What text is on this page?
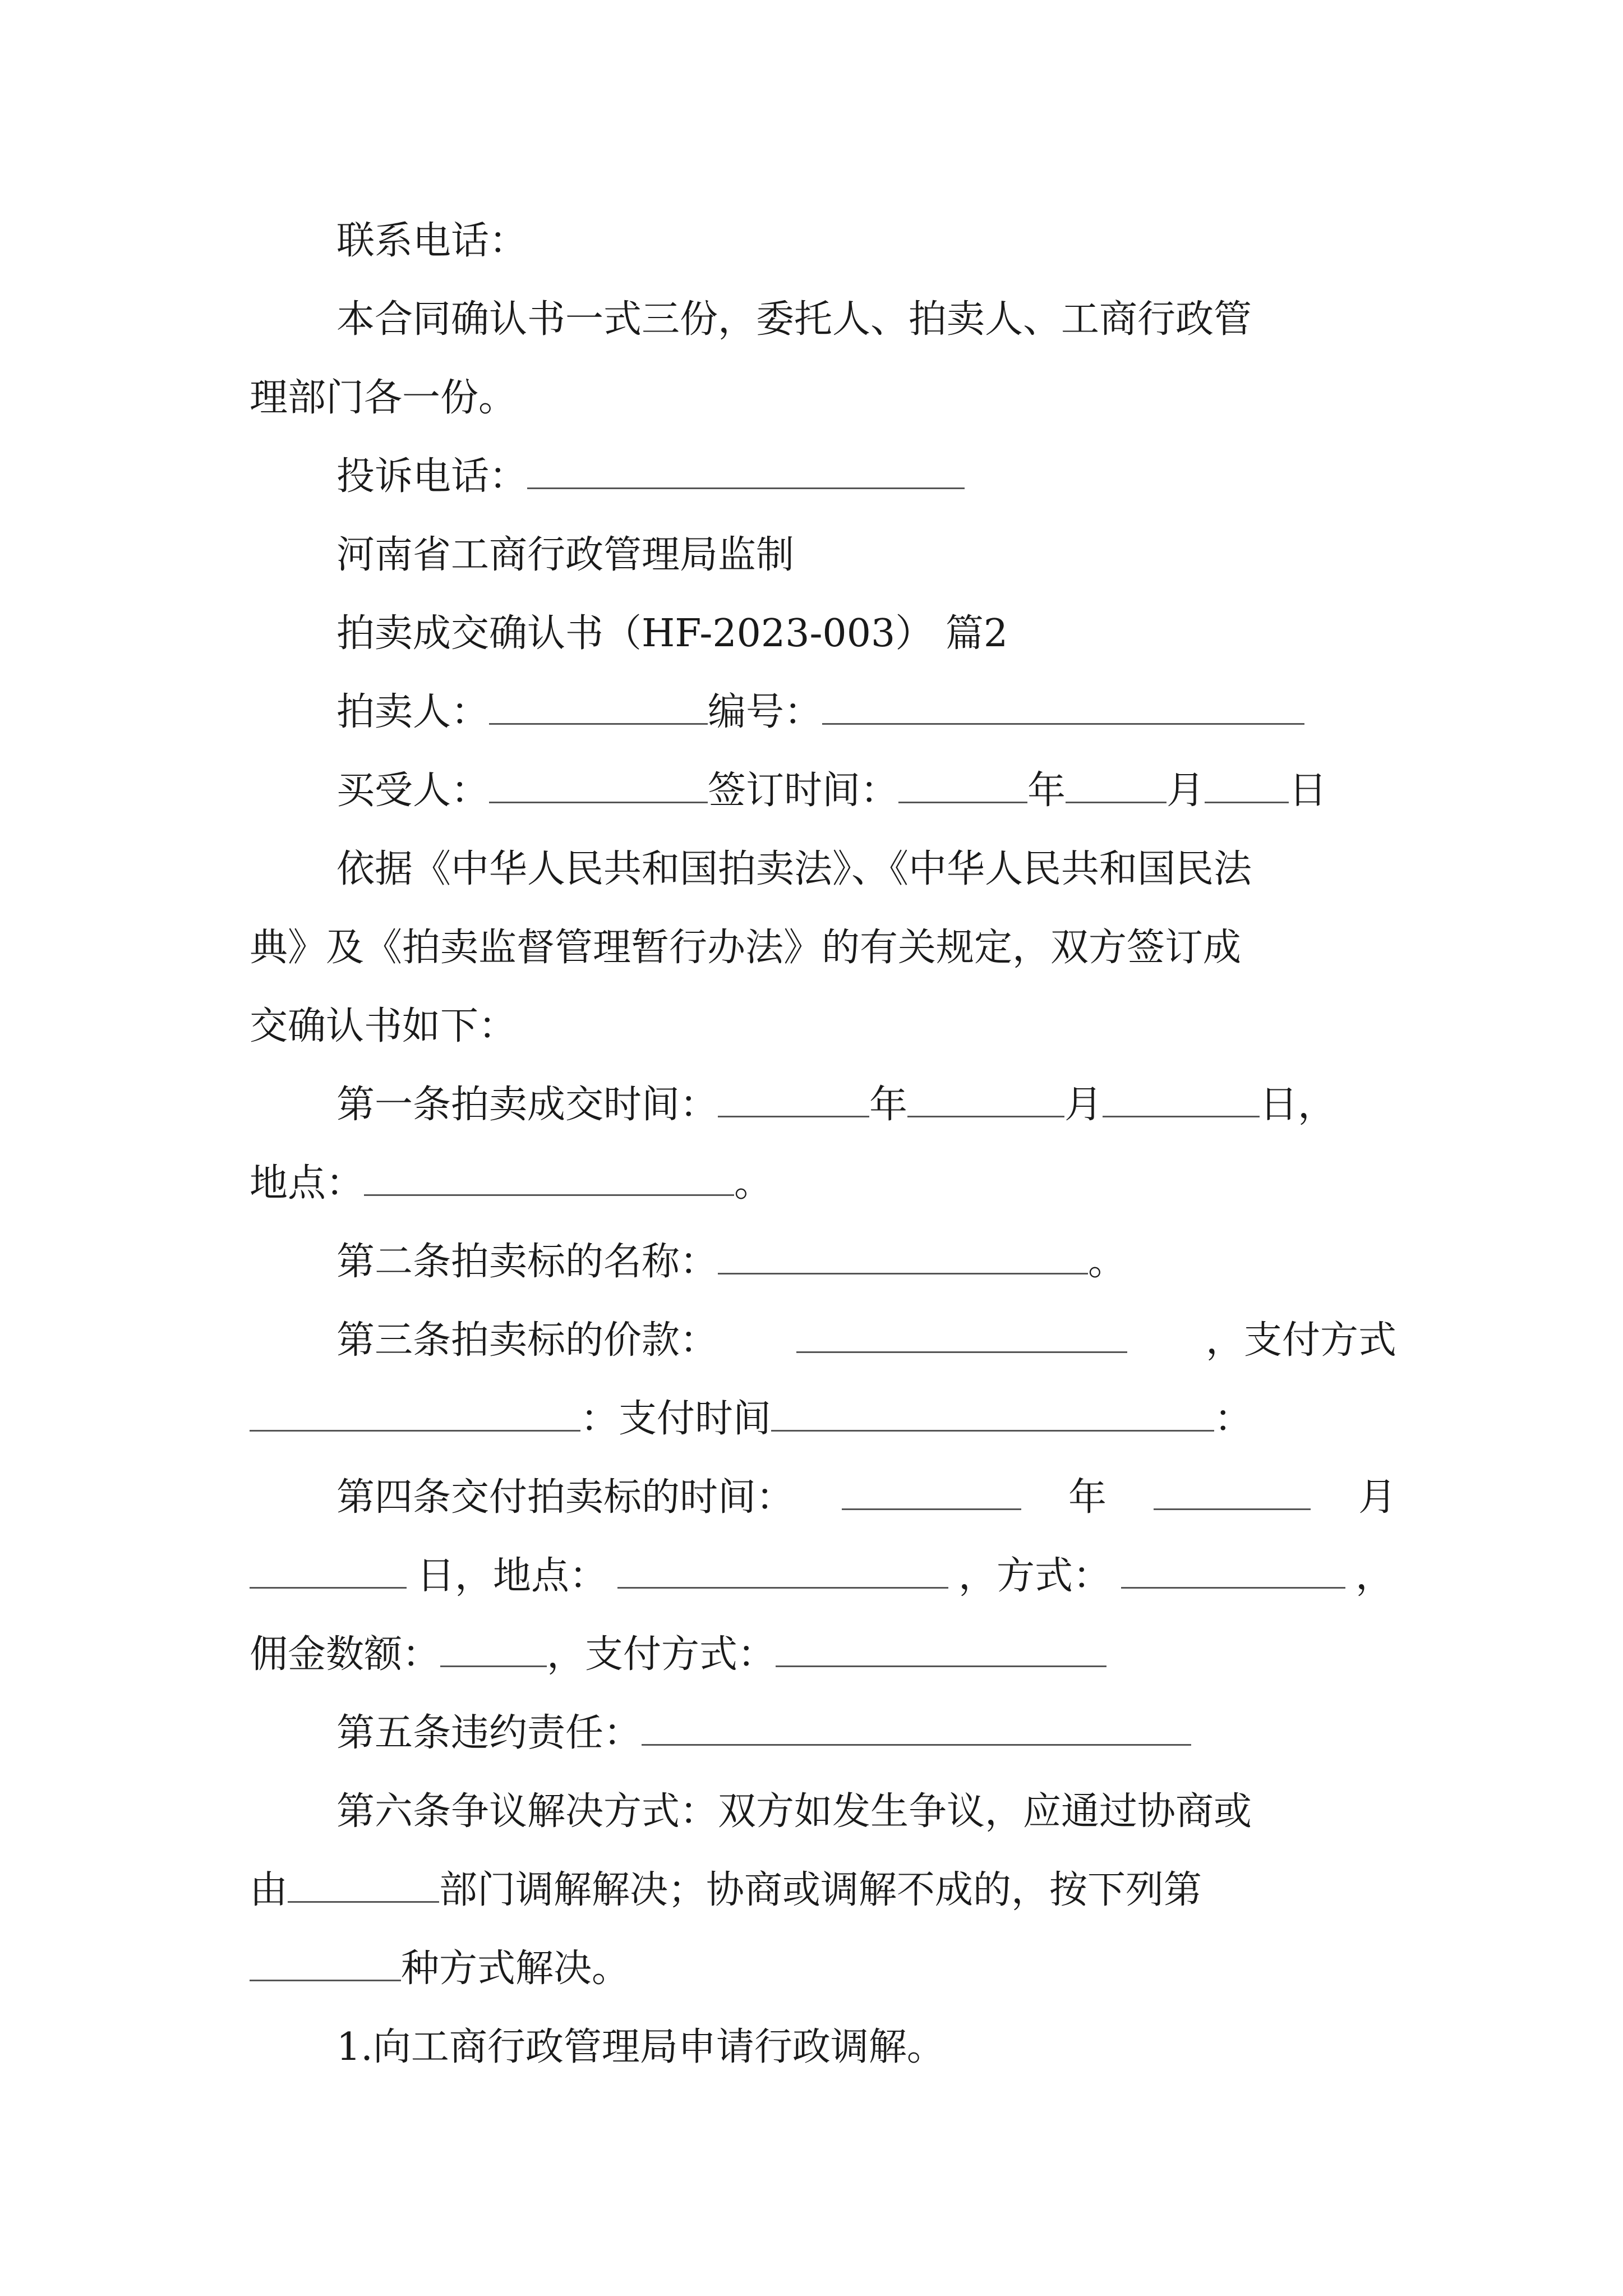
联系电话：
本合同确认书一式三份，委托人、拍卖人、工商行政管
理部门各一份。
投诉电话：
河南省工商行政管理局监制
拍卖成交确认书（HF-2023-003） 篇2
拍卖人：	编号：
买受人：	签订时间：	年	月 日
依据《中华人民共和国拍卖法》、《中华人民共和国民法
典》及《拍卖监督管理暂行办法》的有关规定，双方签订成
交确认书如下：
第一条拍卖成交时间：	年	月	日，
地点：	。
第二条拍卖标的名称：	。
第三条拍卖标的价款：	，支付方式
：支付时间	：
第四条交付拍卖标的时间：	年	月
日，地点：	，方式：	，
佣金数额：	，支付方式：
第五条违约责任：
第六条争议解决方式：双方如发生争议，应通过协商或
由	部门调解解决；协商或调解不成的，按下列第
种方式解决。
1.向工商行政管理局申请行政调解。
